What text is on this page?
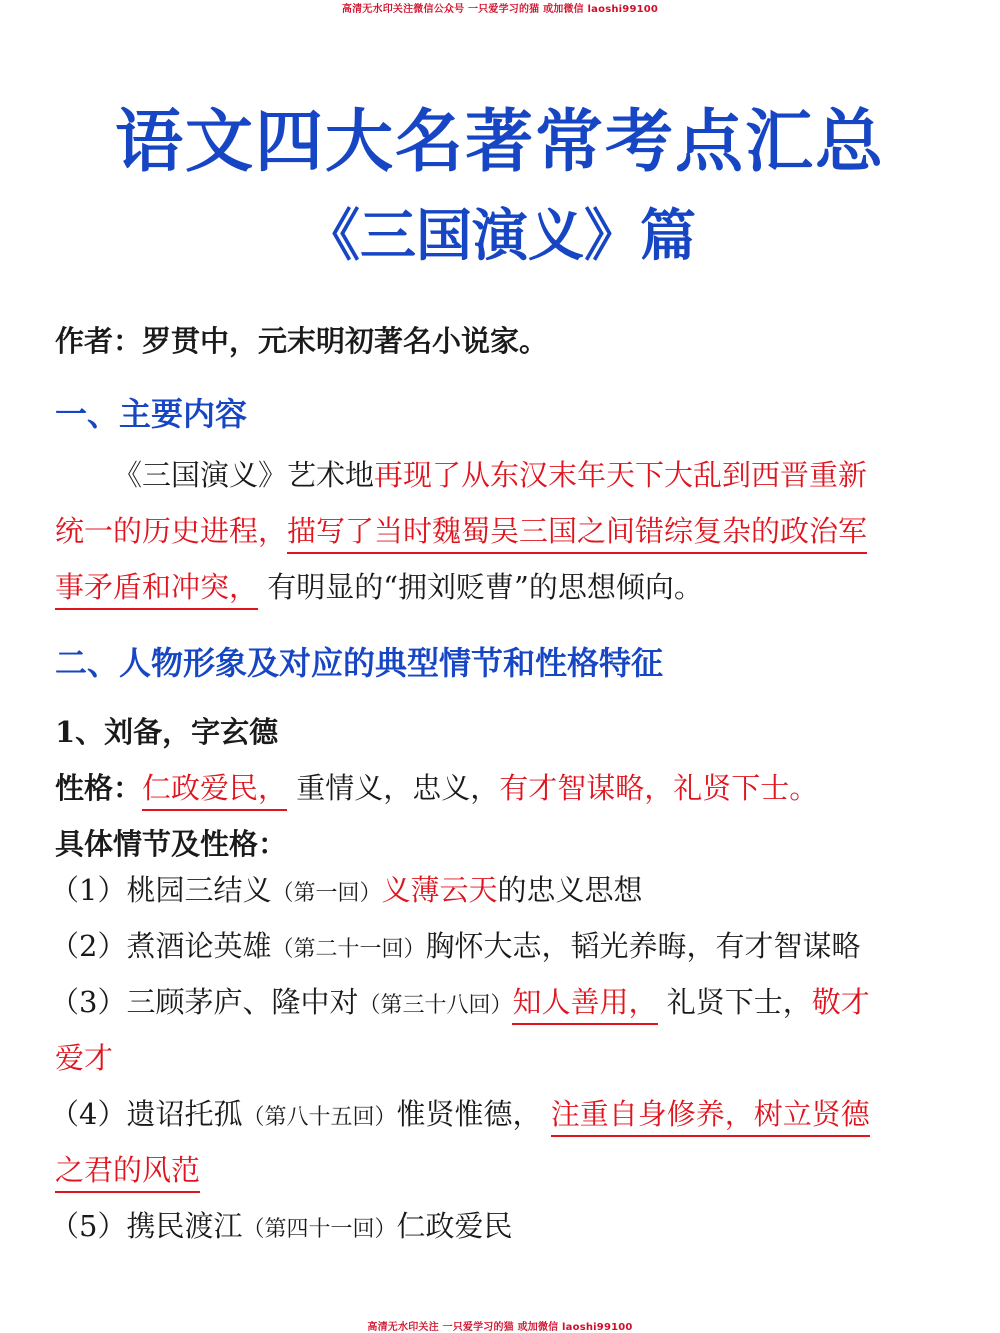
高清无水印关注微信公众号 一只爱学习的猫 或加微信 laoshi99100
语文四大名著常考点汇总
《三国演义》篇
作者：罗贯中，元末明初著名小说家。
一、主要内容
《三国演义》艺术地再现了从东汉末年天下大乱到西晋重新
统一的历史进程，描写了当时魏蜀吴三国之间错综复杂的政治军
事矛盾和冲突， 有明显的“拥刘贬曹”的思想倾向。
二、人物形象及对应的典型情节和性格特征
1、刘备，字玄德
性格：仁政爱民， 重情义，忠义，有才智谋略，礼贤下士。
具体情节及性格：
（1）桃园三结义（第一回）义薄云天的忠义思想
（2）煮酒论英雄（第二十一回）胸怀大志，韬光养晦，有才智谋略
（3）三顾茅庐、隆中对（第三十八回）知人善用， 礼贤下士，敬才
爱才
（4）遗诏托孤（第八十五回）惟贤惟德， 注重自身修养，树立贤德
之君的风范
（5）携民渡江（第四十一回）仁政爱民
高清无水印关注 一只爱学习的猫 或加微信 laoshi99100
